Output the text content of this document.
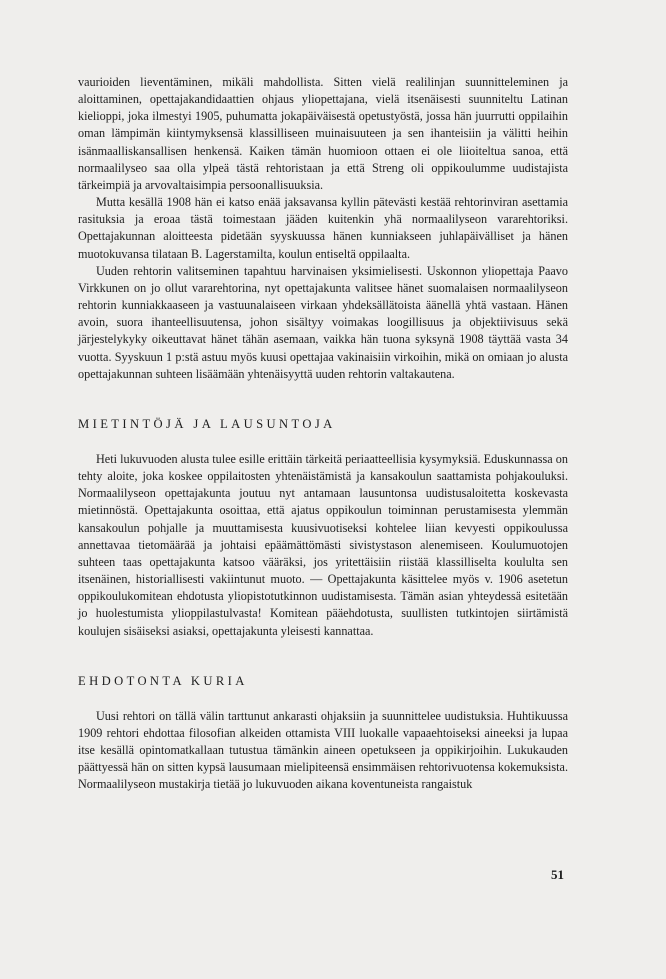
vaurioiden lieventäminen, mikäli mahdollista. Sitten vielä realilinjan suunnitteleminen ja aloittaminen, opettajakandidaattien ohjaus yliopettajana, vielä itsenäisesti suunniteltu Latinan kielioppi, joka ilmestyi 1905, puhumatta jokapäiväisestä opetustyöstä, jossa hän juurrutti oppilaihin oman lämpimän kiintymyksensä klassilliseen muinaisuuteen ja sen ihanteisiin ja välitti heihin isänmaalliskansallisen henkensä. Kaiken tämän huomioon ottaen ei ole liioiteltua sanoa, että normaalilyseo saa olla ylpeä tästä rehtoristaan ja että Streng oli oppikoulumme uudistajista tärkeimpiä ja arvovaltaisimpia persoonallisuuksia.

Mutta kesällä 1908 hän ei katso enää jaksavansa kyllin pätevästi kestää rehtorinviran asettamia rasituksia ja eroaa tästä toimestaan jääden kuitenkin yhä normaalilyseon vararehtoriksi. Opettajakunnan aloitteesta pidetään syyskuussa hänen kunniakseen juhlapäivälliset ja hänen muotokuvansa tilataan B. Lagerstamilta, koulun entiseltä oppilaalta.

Uuden rehtorin valitseminen tapahtuu harvinaisen yksimielisesti. Uskonnon yliopettaja Paavo Virkkunen on jo ollut vararehtorina, nyt opettajakunta valitsee hänet suomalaisen normaalilyseon rehtorin kunniakkaaseen ja vastuunalaiseen virkaan yhdeksällätoista äänellä yhtä vastaan. Hänen avoin, suora ihanteellisuutensa, johon sisältyy voimakas loogillisuus ja objektiivisuus sekä järjestelykyky oikeuttavat hänet tähän asemaan, vaikka hän tuona syksynä 1908 täyttää vasta 34 vuotta. Syyskuun 1 p:stä astuu myös kuusi opettajaa vakinaisiin virkoihin, mikä on omiaan jo alusta opettajakunnan suhteen lisäämään yhtenäisyyttä uuden rehtorin valtakautena.

MIETINTÖJÄ JA LAUSUNTOJA

Heti lukuvuoden alusta tulee esille erittäin tärkeitä periaatteellisia kysymyksiä. Eduskunnassa on tehty aloite, joka koskee oppilaitosten yhtenäistämistä ja kansakoulun saattamista pohjakouluksi. Normaalilyseon opettajakunta joutuu nyt antamaan lausuntonsa uudistusaloitetta koskevasta mietinnöstä. Opettajakunta osoittaa, että ajatus oppikoulun toiminnan perustamisesta ylemmän kansakoulun pohjalle ja muuttamisesta kuusivuotiseksi kohtelee liian kevyesti oppikoulussa annettavaa tietomäärää ja johtaisi epäämättömästi sivistystason alenemiseen. Koulumuotojen suhteen taas opettajakunta katsoo vääräksi, jos yritettäisiin riistää klassilliselta koululta sen itsenäinen, historiallisesti vakiintunut muoto. — Opettajakunta käsittelee myös v. 1906 asetetun oppikoulukomitean ehdotusta yliopistotutkinnon uudistamisesta. Tämän asian yhteydessä esitetään jo huolestumista ylioppilastulvasta! Komitean pääehdotusta, suullisten tutkintojen siirtämistä koulujen sisäiseksi asiaksi, opettajakunta yleisesti kannattaa.

EHDOTONTA KURIA

Uusi rehtori on tällä välin tarttunut ankarasti ohjaksiin ja suunnittelee uudistuksia. Huhtikuussa 1909 rehtori ehdottaa filosofian alkeiden ottamista VIII luokalle vapaaehtoiseksi aineeksi ja lupaa itse kesällä opintomatkallaan tutustua tämänkin aineen opetukseen ja oppikirjoihin. Lukukauden päättyessä hän on sitten kypsä lausumaan mielipiteensä ensimmäisen rehtorivuotensa kokemuksista. Normaalilyseon mustakirja tietää jo lukuvuoden aikana koventuneista rangaistuk

51
